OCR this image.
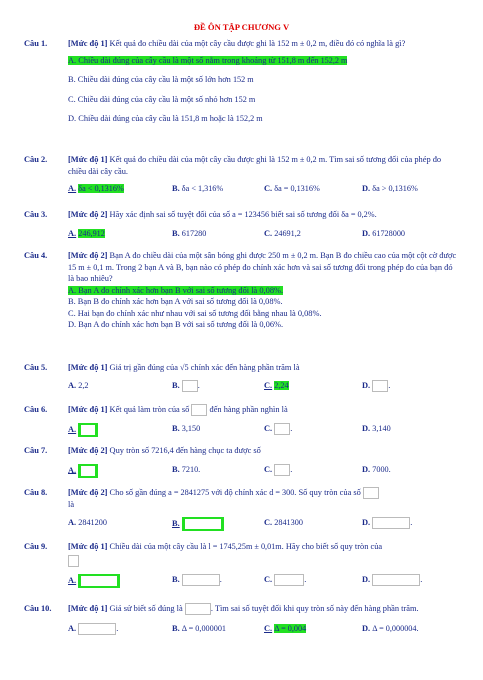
ĐỀ ÔN TẬP CHƯƠNG V
Câu 1. [Mức độ 1] Kết quả đo chiều dài của một cây cầu được ghi là 152 m ± 0,2 m, điều đó có nghĩa là gì?
A. Chiều dài đúng của cây cầu là một số nằm trong khoảng từ 151,8 m đến 152,2 m
B. Chiều dài đúng của cây cầu là một số lớn hơn 152 m
C. Chiều dài đúng của cây cầu là một số nhỏ hơn 152 m
D. Chiều dài đúng của cây cầu là 151,8 m hoặc là 152,2 m
Câu 2. [Mức độ 1] Kết quả đo chiều dài của một cây cầu được ghi là 152 m ± 0,2 m. Tìm sai số tương đối của phép đo chiều dài cây cầu.
A. δa < 0,1316%	B. δa < 1,316%	C. δa = 0,1316%	D. δa > 0,1316%
Câu 3. [Mức độ 2] Hãy xác định sai số tuyệt đối của số a = 123456 biết sai số tương đối δa = 0,2%.
A. 246,912	B. 617280	C. 24691,2	D. 61728000
Câu 4. [Mức độ 2] Bạn A đo chiều dài của một sân bóng ghi được 250 m ± 0,2 m. Bạn B đo chiều cao của một cột cờ được 15 m ± 0,1 m. Trong 2 bạn A và B, bạn nào có phép đo chính xác hơn và sai số tương đối trong phép đo của bạn đó là bao nhiêu?
A. Bạn A đo chính xác hơn bạn B với sai số tương đối là 0,08%.
B. Bạn B đo chính xác hơn bạn A với sai số tương đối là 0,08%.
C. Hai bạn đo chính xác như nhau với sai số tương đối bằng nhau là 0,08%.
D. Bạn A đo chính xác hơn bạn B với sai số tương đối là 0,06%.
Câu 5. [Mức độ 1] Giá trị gần đúng của √5 chính xác đến hàng phần trăm là
A. 2,2	B. .	C. 2,24	D. .
Câu 6. [Mức độ 1] Kết quả làm tròn của số  đến hàng phần nghìn là
A.	B. 3,150	C. .	D. 3,140
Câu 7. [Mức độ 2] Quy tròn số 7216,4 đến hàng chục ta được số
A.	B. 7210.	C. .	D. 7000.
Câu 8. [Mức độ 2] Cho số gần đúng a = 2841275 với độ chính xác d = 300. Số quy tròn của số
là
A. 2841200	B.	C. 2841300	D.	.
Câu 9. [Mức độ 1] Chiều dài của một cây cầu là l = 1745,25m ± 0,01m. Hãy cho biết số quy tròn của
A.	B.	.	C.	.	D.	.
Câu 10. [Mức độ 1] Giả sử biết số đúng là	. Tìm sai số tuyệt đối khi quy tròn số này đến hàng phần trăm.
A.	.	B. Δ = 0,000001	C. Δ = 0,004	D. Δ = 0,000004.
